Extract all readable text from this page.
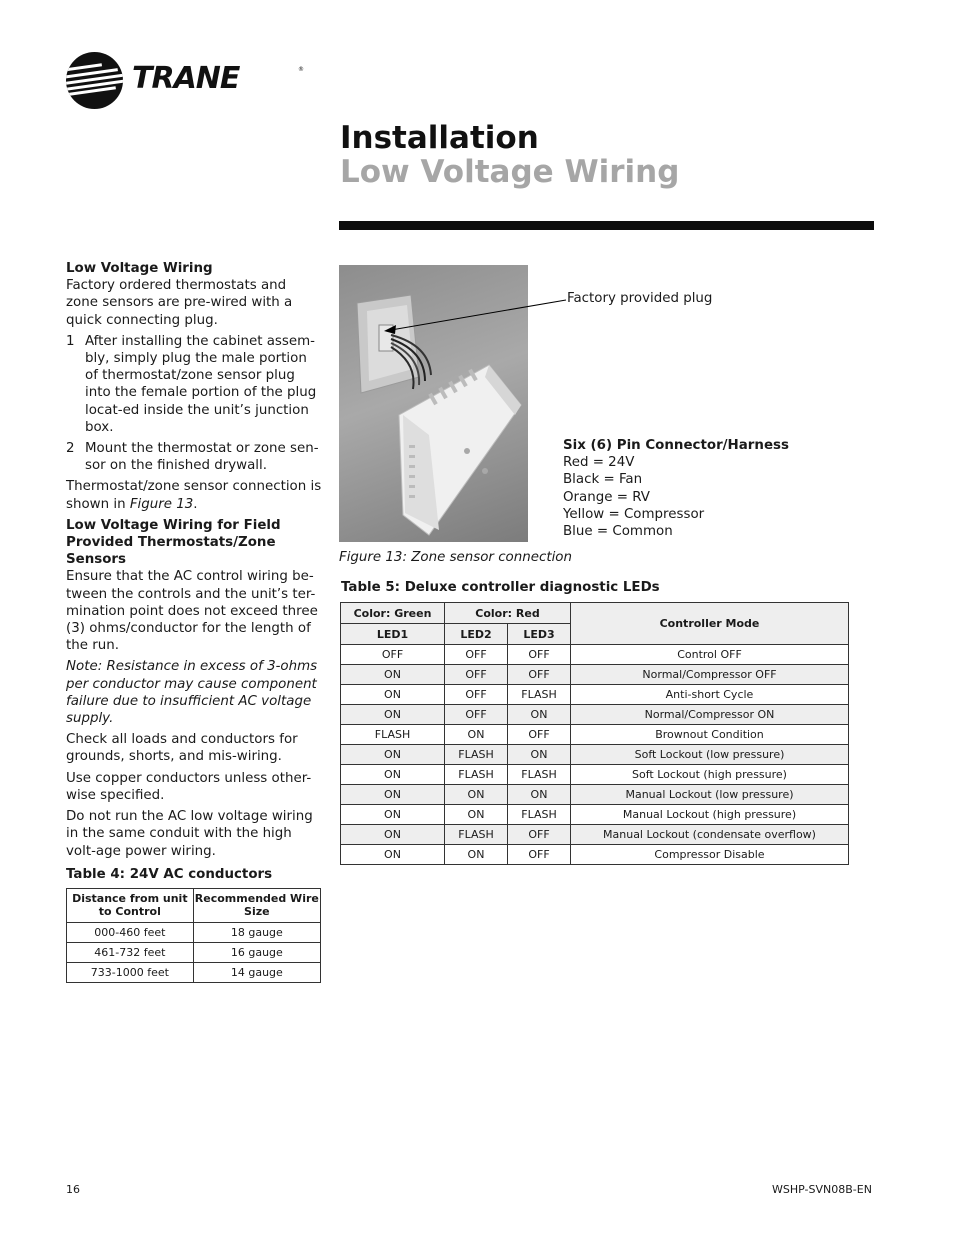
TRANE	®
Installation
Low Voltage Wiring

Low Voltage Wiring

Factory ordered thermostats and zone sensors are pre-wired with a quick connecting plug.

1 After installing the cabinet assem-bly, simply plug the male portion of thermostat/zone sensor plug into the female portion of the plug locat-ed inside the unit’s junction box.
2 Mount the thermostat or zone sen-sor on the finished drywall.

Thermostat/zone sensor connection is shown in Figure 13.

Low Voltage Wiring for Field Provided Thermostats/Zone Sensors

Ensure that the AC control wiring be-tween the controls and the unit’s ter-mination point does not exceed three (3) ohms/conductor for the length of the run.

Note: Resistance in excess of 3-ohms per conductor may cause component failure due to insufficient AC voltage supply.

Check all loads and conductors for grounds, shorts, and mis-wiring.

Use copper conductors unless other-wise specified.

Do not run the AC low voltage wiring in the same conduit with the high volt-age power wiring.

Table 4: 24V AC conductors

Distance from unit to Control	Recommended Wire Size
000-460 feet	18 gauge
461-732 feet	16 gauge
733-1000 feet	14 gauge
Factory provided plug
Six (6) Pin Connector/Harness
Red = 24V
Black = Fan
Orange = RV
Yellow = Compressor
Blue = Common
Figure 13: Zone sensor connection
Table 5: Deluxe controller diagnostic LEDs
Color: Green	Color: Red		Controller Mode
LED1	LED2	LED3	
OFF	OFF	OFF	Control OFF
ON	OFF	OFF	Normal/Compressor OFF
ON	OFF	FLASH	Anti-short Cycle
ON	OFF	ON	Normal/Compressor ON
FLASH	ON	OFF	Brownout Condition
ON	FLASH	ON	Soft Lockout (low pressure)
ON	FLASH	FLASH	Soft Lockout (high pressure)
ON	ON	ON	Manual Lockout (low pressure)
ON	ON	FLASH	Manual Lockout (high pressure)
ON	FLASH	OFF	Manual Lockout (condensate overflow)
ON	ON	OFF	Compressor Disable
16	WSHP-SVN08B-EN
